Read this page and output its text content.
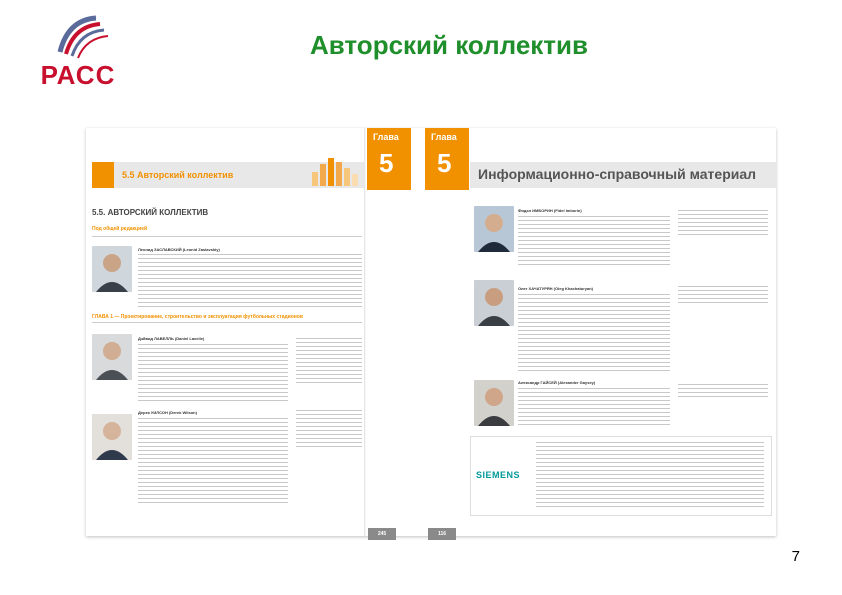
РАСС
Авторский коллектив
5.5 Авторский коллектив
Глава
5
Глава
5 Информационно-справочный материал
5.5. АВТОРСКИЙ КОЛЛЕКТИВ
Под общей редакцией
Леонид ЗАСЛАВСКИЙ (Leonid Zaslavskiy)
ГЛАВА 1 — Проектирование, строительство и эксплуатация футбольных стадионов
Дэйвид ЛАВЕЛЛЬ (Daniel Lavelle)
Дерек УИЛСОН (Derek Wilson)
Фидэл ИМБОРИН (Fidel Imborin)
Олег ХАЧАТУРЯН (Oleg Khachaturyan)
Александр ГАЙСЕЙ (Alexander Gaysey)
SIEMENS
245	116
7
